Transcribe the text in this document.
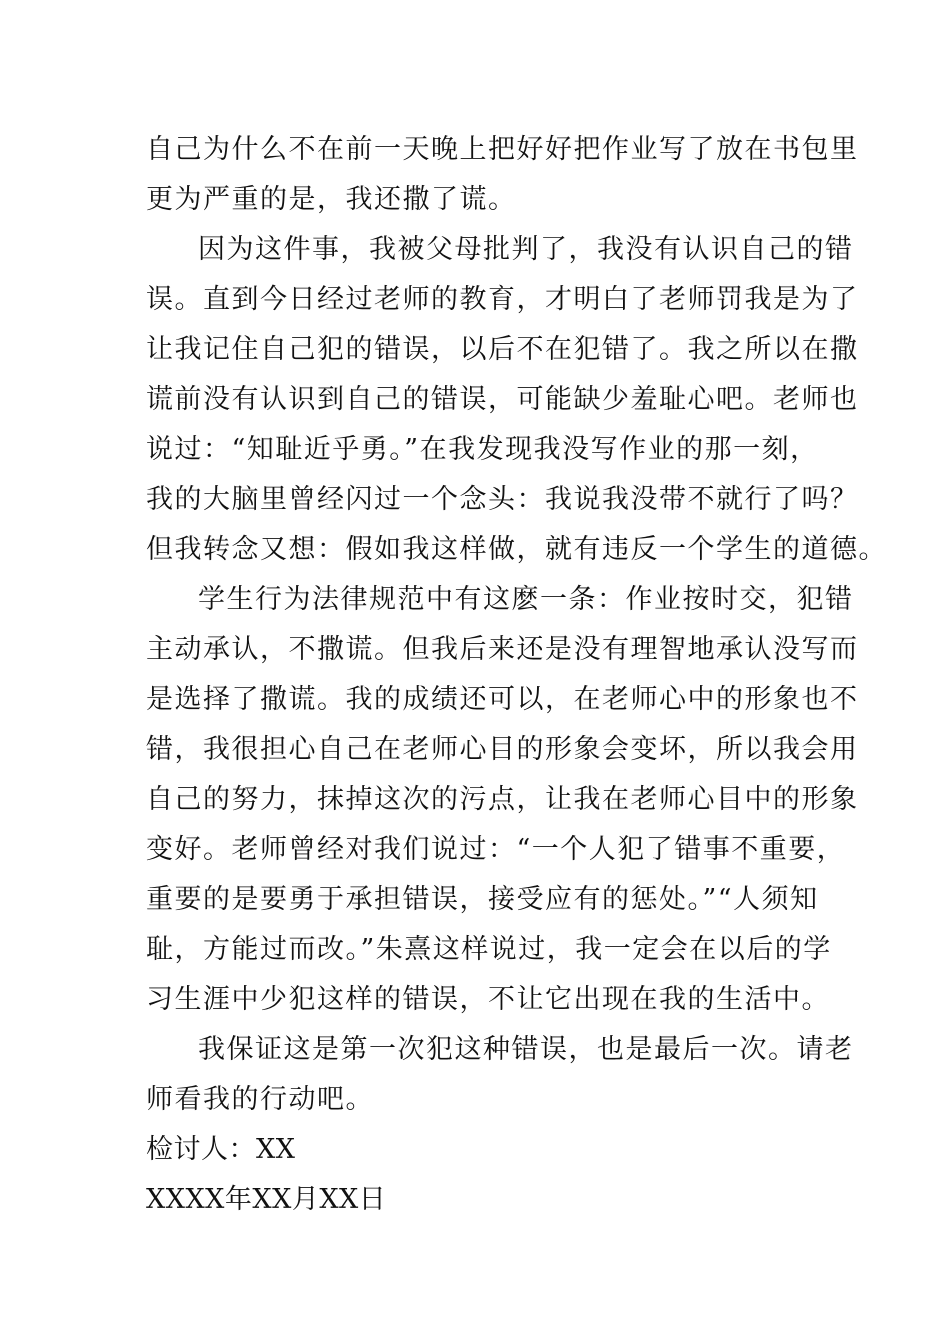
自己为什么不在前一天晚上把好好把作业写了放在书包里
更为严重的是，我还撒了谎。
因为这件事，我被父母批判了，我没有认识自己的错
误。直到今日经过老师的教育，才明白了老师罚我是为了
让我记住自己犯的错误，以后不在犯错了。我之所以在撒
谎前没有认识到自己的错误，可能缺少羞耻心吧。老师也
说过：“知耻近乎勇。”在我发现我没写作业的那一刻，
我的大脑里曾经闪过一个念头：我说我没带不就行了吗？
但我转念又想：假如我这样做，就有违反一个学生的道德。
学生行为法律规范中有这麽一条：作业按时交，犯错
主动承认，不撒谎。但我后来还是没有理智地承认没写而
是选择了撒谎。我的成绩还可以，在老师心中的形象也不
错，我很担心自己在老师心目的形象会变坏，所以我会用
自己的努力，抹掉这次的污点，让我在老师心目中的形象
变好。老师曾经对我们说过：“一个人犯了错事不重要，
重要的是要勇于承担错误，接受应有的惩处。”“人须知
耻，方能过而改。”朱熹这样说过，我一定会在以后的学
习生涯中少犯这样的错误，不让它出现在我的生活中。
我保证这是第一次犯这种错误，也是最后一次。请老
师看我的行动吧。
检讨人：XX
XXXX年XX月XX日
